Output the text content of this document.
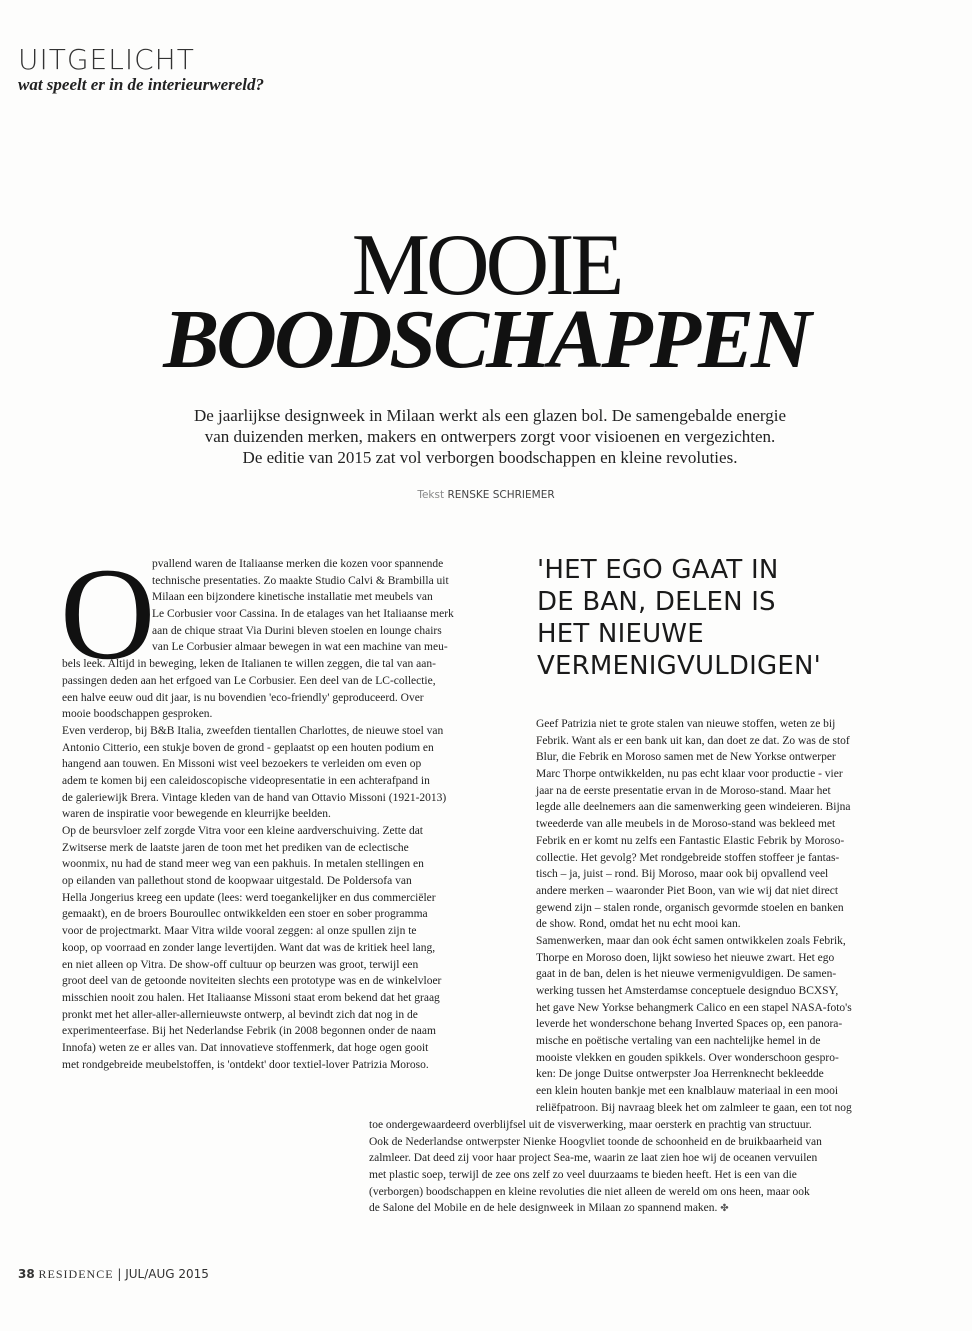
UITGELICHT
wat speelt er in de interieurwereld?
MOOIE
BOODSCHAPPEN

De jaarlijkse designweek in Milaan werkt als een glazen bol. De samengebalde energie
van duizenden merken, makers en ontwerpers zorgt voor visioenen en vergezichten.
De editie van 2015 zat vol verborgen boodschappen en kleine revoluties.

Tekst RENSKE SCHRIEMER

O
pvallend waren de Italiaanse merken die kozen voor spannende
technische presentaties. Zo maakte Studio Calvi & Brambilla uit
Milaan een bijzondere kinetische installatie met meubels van
Le Corbusier voor Cassina. In de etalages van het Italiaanse merk
aan de chique straat Via Durini bleven stoelen en lounge chairs
van Le Corbusier almaar bewegen in wat een machine van meu-
bels leek. Altijd in beweging, leken de Italianen te willen zeggen, die tal van aan-
passingen deden aan het erfgoed van Le Corbusier. Een deel van de LC-collectie,
een halve eeuw oud dit jaar, is nu bovendien 'eco-friendly' geproduceerd. Over
mooie boodschappen gesproken.
Even verderop, bij B&B Italia, zweefden tientallen Charlottes, de nieuwe stoel van
Antonio Citterio, een stukje boven de grond - geplaatst op een houten podium en
hangend aan touwen. En Missoni wist veel bezoekers te verleiden om even op
adem te komen bij een caleidoscopische videopresentatie in een achterafpand in
de galeriewijk Brera. Vintage kleden van de hand van Ottavio Missoni (1921-2013)
waren de inspiratie voor bewegende en kleurrijke beelden.
Op de beursvloer zelf zorgde Vitra voor een kleine aardverschuiving. Zette dat
Zwitserse merk de laatste jaren de toon met het prediken van de eclectische
woonmix, nu had de stand meer weg van een pakhuis. In metalen stellingen en
op eilanden van pallethout stond de koopwaar uitgestald. De Poldersofa van
Hella Jongerius kreeg een update (lees: werd toegankelijker en dus commerciëler
gemaakt), en de broers Bouroullec ontwikkelden een stoer en sober programma
voor de projectmarkt. Maar Vitra wilde vooral zeggen: al onze spullen zijn te
koop, op voorraad en zonder lange levertijden. Want dat was de kritiek heel lang,
en niet alleen op Vitra. De show-off cultuur op beurzen was groot, terwijl een
groot deel van de getoonde noviteiten slechts een prototype was en de winkelvloer
misschien nooit zou halen. Het Italiaanse Missoni staat erom bekend dat het graag
pronkt met het aller-aller-allernieuwste ontwerp, al bevindt zich dat nog in de
experimenteerfase. Bij het Nederlandse Febrik (in 2008 begonnen onder de naam
Innofa) weten ze er alles van. Dat innovatieve stoffenmerk, dat hoge ogen gooit
met rondgebreide meubelstoffen, is 'ontdekt' door textiel-lover Patrizia Moroso.
'HET EGO GAAT IN
DE BAN, DELEN IS
HET NIEUWE
VERMENIGVULDIGEN'
Geef Patrizia niet te grote stalen van nieuwe stoffen, weten ze bij
Febrik. Want als er een bank uit kan, dan doet ze dat. Zo was de stof
Blur, die Febrik en Moroso samen met de New Yorkse ontwerper
Marc Thorpe ontwikkelden, nu pas echt klaar voor productie - vier
jaar na de eerste presentatie ervan in de Moroso-stand. Maar het
legde alle deelnemers aan die samenwerking geen windeieren. Bijna
tweederde van alle meubels in de Moroso-stand was bekleed met
Febrik en er komt nu zelfs een Fantastic Elastic Febrik by Moroso-
collectie. Het gevolg? Met rondgebreide stoffen stoffeer je fantas-
tisch – ja, juist – rond. Bij Moroso, maar ook bij opvallend veel
andere merken – waaronder Piet Boon, van wie wij dat niet direct
gewend zijn – stalen ronde, organisch gevormde stoelen en banken
de show. Rond, omdat het nu echt mooi kan.
Samenwerken, maar dan ook écht samen ontwikkelen zoals Febrik,
Thorpe en Moroso doen, lijkt sowieso het nieuwe zwart. Het ego
gaat in de ban, delen is het nieuwe vermenigvuldigen. De samen-
werking tussen het Amsterdamse conceptuele designduo BCXSY,
het gave New Yorkse behangmerk Calico en een stapel NASA-foto's
leverde het wonderschone behang Inverted Spaces op, een panora-
mische en poëtische vertaling van een nachtelijke hemel in de
mooiste vlekken en gouden spikkels. Over wonderschoon gespro-
ken: De jonge Duitse ontwerpster Joa Herrenknecht bekleedde
een klein houten bankje met een knalblauw materiaal in een mooi
reliëfpatroon. Bij navraag bleek het om zalmleer te gaan, een tot nog
toe ondergewaardeerd overblijfsel uit de visverwerking, maar oersterk en prachtig van structuur.
Ook de Nederlandse ontwerpster Nienke Hoogvliet toonde de schoonheid en de bruikbaarheid van
zalmleer. Dat deed zij voor haar project Sea-me, waarin ze laat zien hoe wij de oceanen vervuilen
met plastic soep, terwijl de zee ons zelf zo veel duurzaams te bieden heeft. Het is een van die
(verborgen) boodschappen en kleine revoluties die niet alleen de wereld om ons heen, maar ook
de Salone del Mobile en de hele designweek in Milaan zo spannend maken. ✤
38 RESIDENCE | JUL/AUG 2015
